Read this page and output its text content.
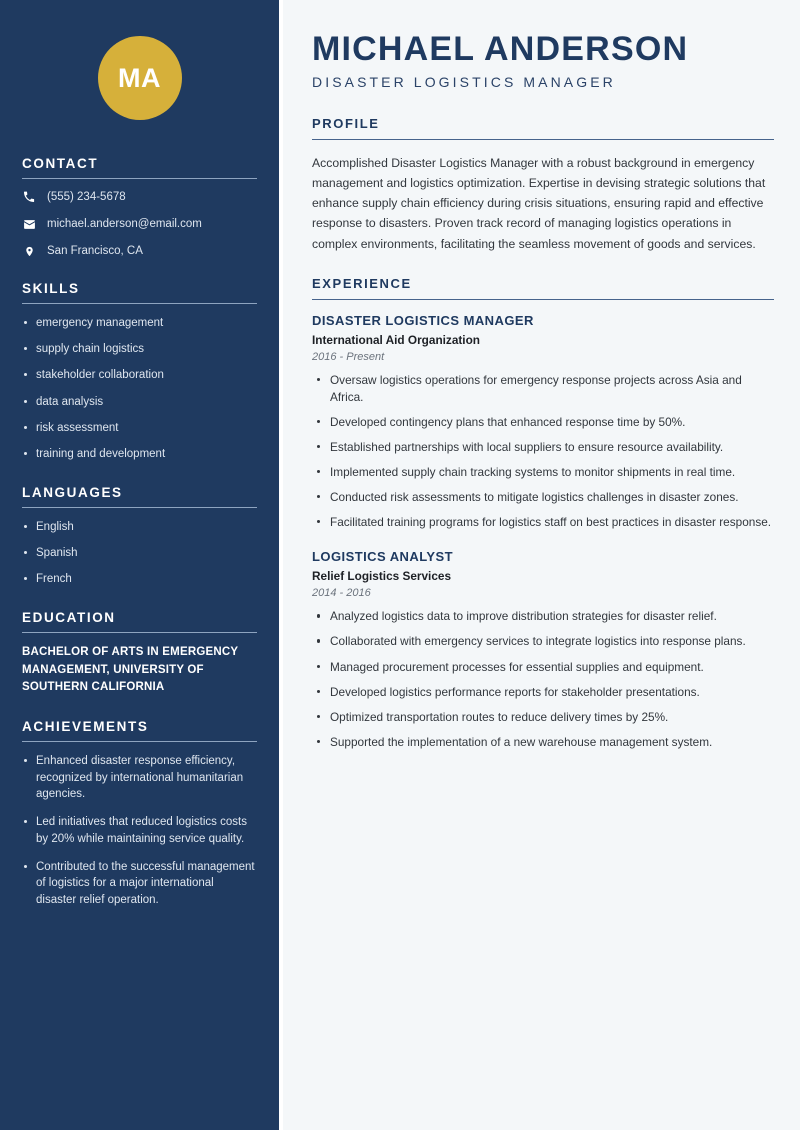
MA
CONTACT
(555) 234-5678
michael.anderson@email.com
San Francisco, CA
SKILLS
emergency management
supply chain logistics
stakeholder collaboration
data analysis
risk assessment
training and development
LANGUAGES
English
Spanish
French
EDUCATION
BACHELOR OF ARTS IN EMERGENCY MANAGEMENT, UNIVERSITY OF SOUTHERN CALIFORNIA
ACHIEVEMENTS
Enhanced disaster response efficiency, recognized by international humanitarian agencies.
Led initiatives that reduced logistics costs by 20% while maintaining service quality.
Contributed to the successful management of logistics for a major international disaster relief operation.
MICHAEL ANDERSON
DISASTER LOGISTICS MANAGER
PROFILE

Accomplished Disaster Logistics Manager with a robust background in emergency management and logistics optimization. Expertise in devising strategic solutions that enhance supply chain efficiency during crisis situations, ensuring rapid and effective response to disasters. Proven track record of managing logistics operations in complex environments, facilitating the seamless movement of goods and services.

EXPERIENCE
DISASTER LOGISTICS MANAGER
International Aid Organization
2016 - Present
Oversaw logistics operations for emergency response projects across Asia and Africa.
Developed contingency plans that enhanced response time by 50%.
Established partnerships with local suppliers to ensure resource availability.
Implemented supply chain tracking systems to monitor shipments in real time.
Conducted risk assessments to mitigate logistics challenges in disaster zones.
Facilitated training programs for logistics staff on best practices in disaster response.
LOGISTICS ANALYST
Relief Logistics Services
2014 - 2016
Analyzed logistics data to improve distribution strategies for disaster relief.
Collaborated with emergency services to integrate logistics into response plans.
Managed procurement processes for essential supplies and equipment.
Developed logistics performance reports for stakeholder presentations.
Optimized transportation routes to reduce delivery times by 25%.
Supported the implementation of a new warehouse management system.
